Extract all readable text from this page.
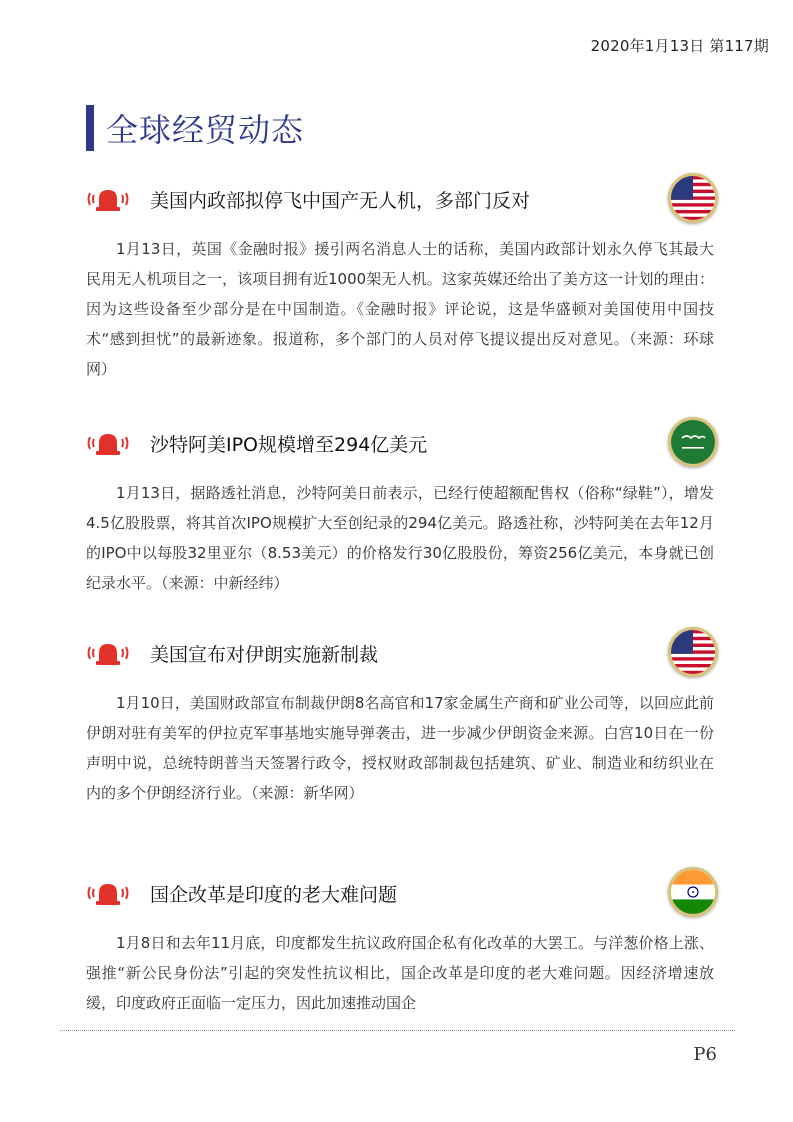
2020年1月13日 第117期
全球经贸动态
美国内政部拟停飞中国产无人机，多部门反对

1月13日，英国《金融时报》援引两名消息人士的话称，美国内政部计划永久停飞其最大民用无人机项目之一，该项目拥有近1000架无人机。这家英媒还给出了美方这一计划的理由：因为这些设备至少部分是在中国制造。《金融时报》评论说，这是华盛顿对美国使用中国技术“感到担忧”的最新迹象。报道称，多个部门的人员对停飞提议提出反对意见。（来源：环球网）

沙特阿美IPO规模增至294亿美元

1月13日，据路透社消息，沙特阿美日前表示，已经行使超额配售权（俗称“绿鞋”），增发4.5亿股股票，将其首次IPO规模扩大至创纪录的294亿美元。路透社称，沙特阿美在去年12月的IPO中以每股32里亚尔（8.53美元）的价格发行30亿股股份，筹资256亿美元，本身就已创纪录水平。（来源：中新经纬）

美国宣布对伊朗实施新制裁

1月10日，美国财政部宣布制裁伊朗8名高官和17家金属生产商和矿业公司等，以回应此前伊朗对驻有美军的伊拉克军事基地实施导弹袭击，进一步减少伊朗资金来源。白宫10日在一份声明中说，总统特朗普当天签署行政令，授权财政部制裁包括建筑、矿业、制造业和纺织业在内的多个伊朗经济行业。（来源：新华网）

国企改革是印度的老大难问题

1月8日和去年11月底，印度都发生抗议政府国企私有化改革的大罢工。与洋葱价格上涨、强推“新公民身份法”引起的突发性抗议相比，国企改革是印度的老大难问题。因经济增速放缓，印度政府正面临一定压力，因此加速推动国企

P6
